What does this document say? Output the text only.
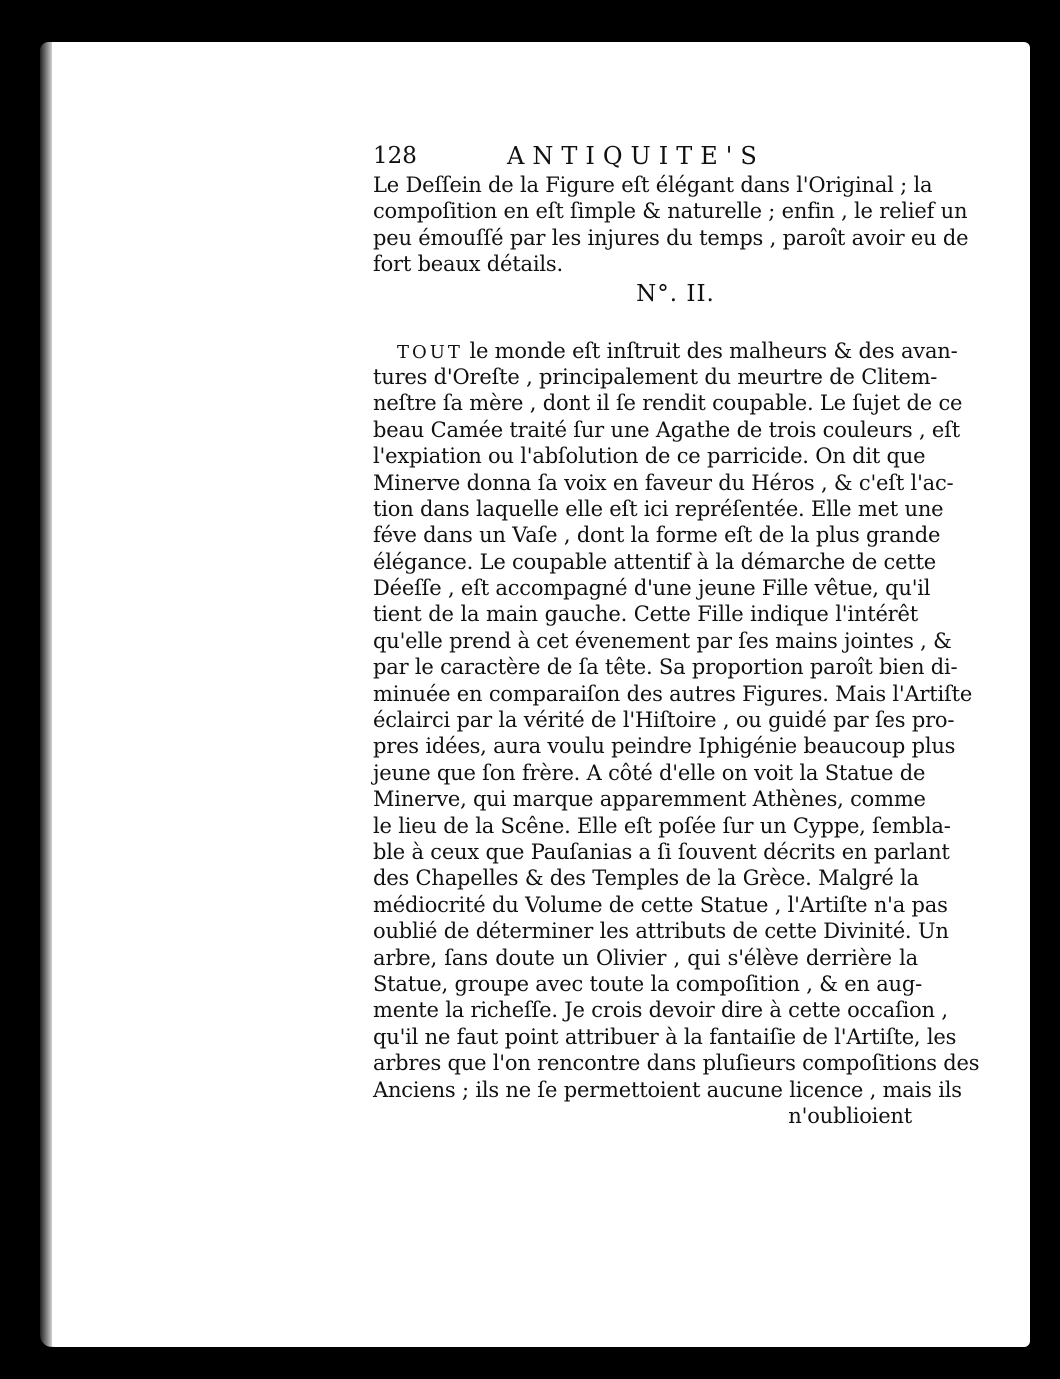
128	ANTIQUITE'S
Le Deſſein de la Figure eſt élégant dans l'Original ; la
compoſition en eſt ſimple & naturelle ; enfin , le relief un
peu émouſſé par les injures du temps , paroît avoir eu de
fort beaux détails.
N°. II.
TOUT le monde eſt inſtruit des malheurs & des avan-
tures d'Oreſte , principalement du meurtre de Clitem-
neſtre ſa mère , dont il ſe rendit coupable. Le ſujet de ce
beau Camée traité ſur une Agathe de trois couleurs , eſt
l'expiation ou l'abſolution de ce parricide. On dit que
Minerve donna ſa voix en faveur du Héros , & c'eſt l'ac-
tion dans laquelle elle eſt ici repréſentée. Elle met une
féve dans un Vaſe , dont la forme eſt de la plus grande
élégance. Le coupable attentif à la démarche de cette
Déeſſe , eſt accompagné d'une jeune Fille vêtue, qu'il
tient de la main gauche. Cette Fille indique l'intérêt
qu'elle prend à cet évenement par ſes mains jointes , &
par le caractère de ſa tête. Sa proportion paroît bien di-
minuée en comparaiſon des autres Figures. Mais l'Artiſte
éclairci par la vérité de l'Hiſtoire , ou guidé par ſes pro-
pres idées, aura voulu peindre Iphigénie beaucoup plus
jeune que ſon frère. A côté d'elle on voit la Statue de
Minerve, qui marque apparemment Athènes, comme
le lieu de la Scêne. Elle eſt poſée ſur un Cyppe, ſembla-
ble à ceux que Pauſanias a ſi ſouvent décrits en parlant
des Chapelles & des Temples de la Grèce. Malgré la
médiocrité du Volume de cette Statue , l'Artiſte n'a pas
oublié de déterminer les attributs de cette Divinité. Un
arbre, ſans doute un Olivier , qui s'élève derrière la
Statue, groupe avec toute la compoſition , & en aug-
mente la richeſſe. Je crois devoir dire à cette occaſion ,
qu'il ne faut point attribuer à la fantaiſie de l'Artiſte, les
arbres que l'on rencontre dans pluſieurs compoſitions des
Anciens ; ils ne ſe permettoient aucune licence , mais ils
n'oublioient
